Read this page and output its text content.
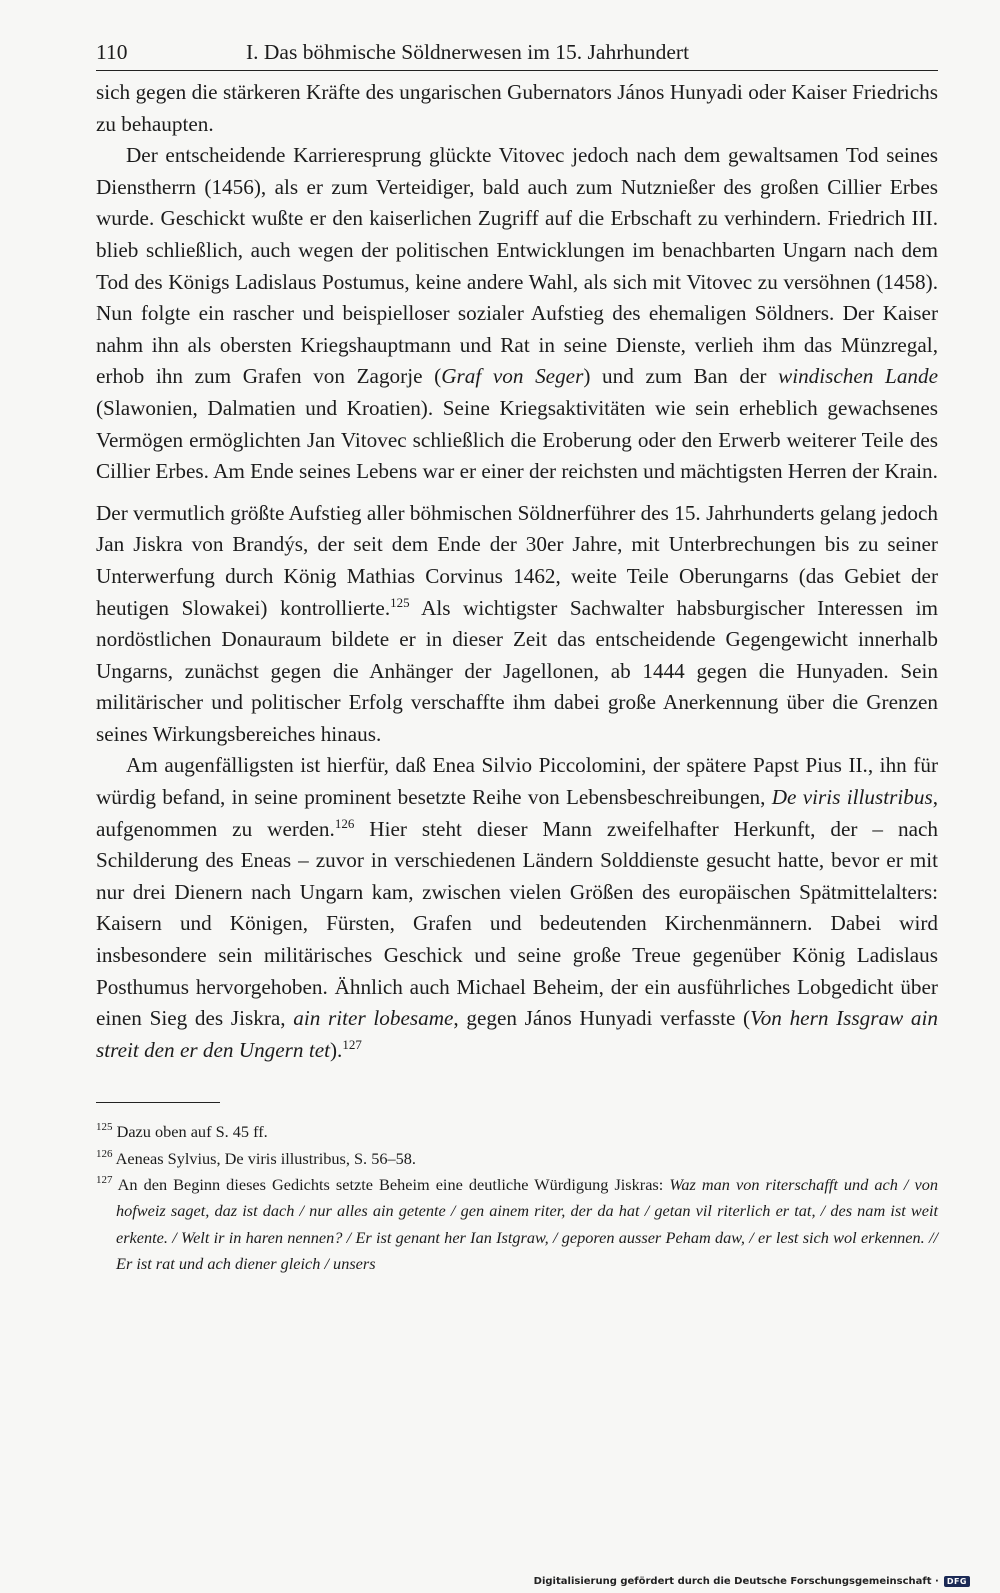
110	I. Das böhmische Söldnerwesen im 15. Jahrhundert

sich gegen die stärkeren Kräfte des ungarischen Gubernators János Hunyadi oder Kaiser Friedrichs zu behaupten.

Der entscheidende Karrieresprung glückte Vitovec jedoch nach dem gewaltsamen Tod seines Dienstherrn (1456), als er zum Verteidiger, bald auch zum Nutznießer des großen Cillier Erbes wurde. Geschickt wußte er den kaiserlichen Zugriff auf die Erbschaft zu verhindern. Friedrich III. blieb schließlich, auch wegen der politischen Entwicklungen im benachbarten Ungarn nach dem Tod des Königs Ladislaus Postumus, keine andere Wahl, als sich mit Vitovec zu versöhnen (1458). Nun folgte ein rascher und beispielloser sozialer Aufstieg des ehemaligen Söldners. Der Kaiser nahm ihn als obersten Kriegshauptmann und Rat in seine Dienste, verlieh ihm das Münzregal, erhob ihn zum Grafen von Zagorje (Graf von Seger) und zum Ban der windischen Lande (Slawonien, Dalmatien und Kroatien). Seine Kriegsaktivitäten wie sein erheblich gewachsenes Vermögen ermöglichten Jan Vitovec schließlich die Eroberung oder den Erwerb weiterer Teile des Cillier Erbes. Am Ende seines Lebens war er einer der reichsten und mächtigsten Herren der Krain.

Der vermutlich größte Aufstieg aller böhmischen Söldnerführer des 15. Jahrhunderts gelang jedoch Jan Jiskra von Brandýs, der seit dem Ende der 30er Jahre, mit Unterbrechungen bis zu seiner Unterwerfung durch König Mathias Corvinus 1462, weite Teile Oberungarns (das Gebiet der heutigen Slowakei) kontrollierte.$^{125}$ Als wichtigster Sachwalter habsburgischer Interessen im nordöstlichen Donauraum bildete er in dieser Zeit das entscheidende Gegengewicht innerhalb Ungarns, zunächst gegen die Anhänger der Jagellonen, ab 1444 gegen die Hunyaden. Sein militärischer und politischer Erfolg verschaffte ihm dabei große Anerkennung über die Grenzen seines Wirkungsbereiches hinaus.

Am augenfälligsten ist hierfür, daß Enea Silvio Piccolomini, der spätere Papst Pius II., ihn für würdig befand, in seine prominent besetzte Reihe von Lebensbeschreibungen, De viris illustribus, aufgenommen zu werden.$^{126}$ Hier steht dieser Mann zweifelhafter Herkunft, der – nach Schilderung des Eneas – zuvor in verschiedenen Ländern Solddienste gesucht hatte, bevor er mit nur drei Dienern nach Ungarn kam, zwischen vielen Größen des europäischen Spätmittelalters: Kaisern und Königen, Fürsten, Grafen und bedeutenden Kirchenmännern. Dabei wird insbesondere sein militärisches Geschick und seine große Treue gegenüber König Ladislaus Posthumus hervorgehoben. Ähnlich auch Michael Beheim, der ein ausführliches Lobgedicht über einen Sieg des Jiskra, ain riter lobesame, gegen János Hunyadi verfasste (Von hern Issgraw ain streit den er den Ungern tet).$^{127}$

$^{125}$ Dazu oben auf S. 45 ff.

$^{126}$ Aeneas Sylvius, De viris illustribus, S. 56–58.

$^{127}$ An den Beginn dieses Gedichts setzte Beheim eine deutliche Würdigung Jiskras: Waz man von riterschafft und ach / von hofweiz saget, daz ist dach / nur alles ain getente / gen ainem riter, der da hat / getan vil riterlich er tat, / des nam ist weit erkente. / Welt ir in haren nennen? / Er ist genant her Ian Istgraw, / geporen ausser Peham daw, / er lest sich wol erkennen. // Er ist rat und ach diener gleich / unsers

Digitalisierung gefördert durch die Deutsche Forschungsgemeinschaft ·	DFG
